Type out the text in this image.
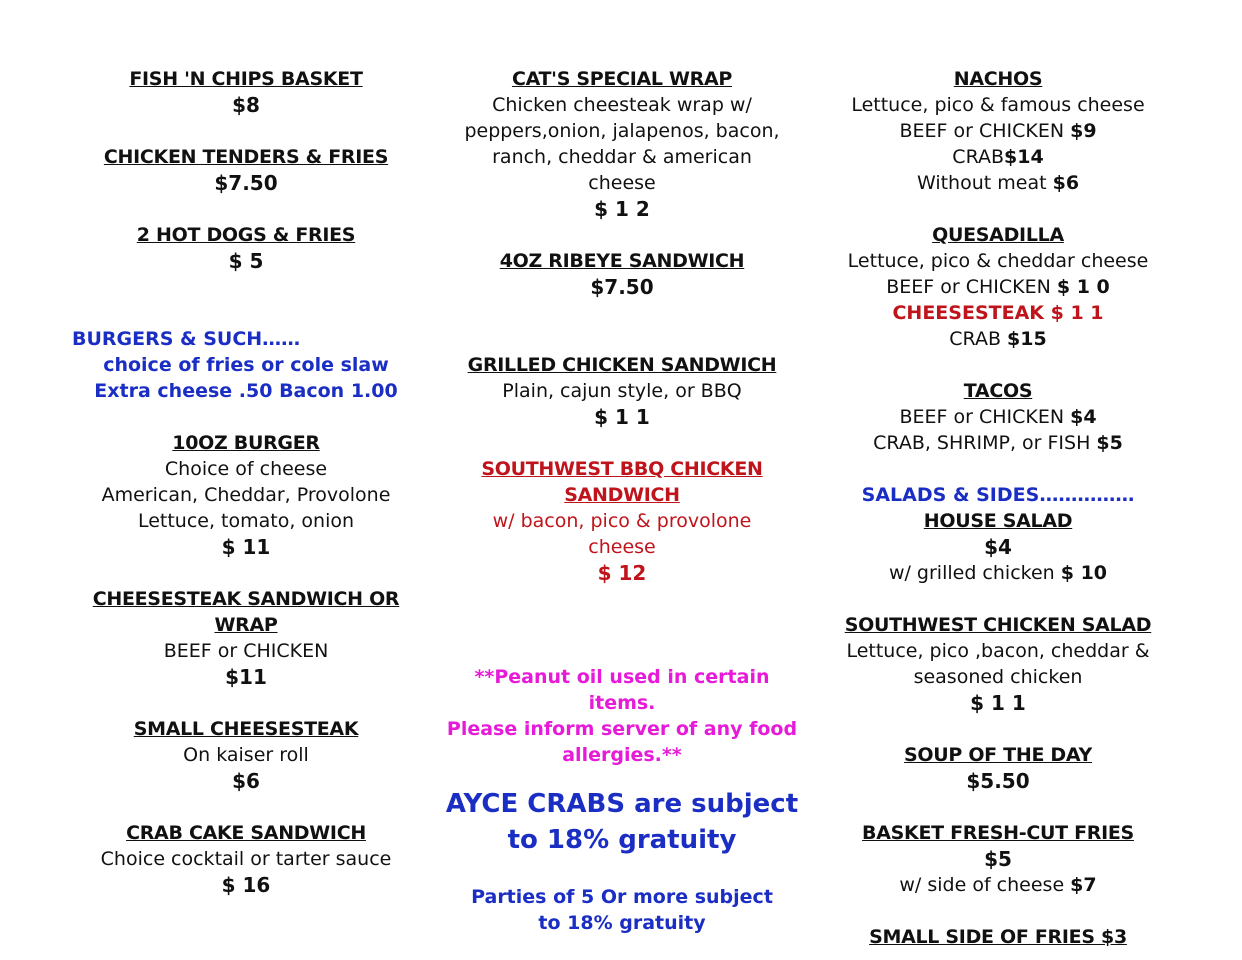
FISH 'N CHIPS BASKET
$8
CHICKEN TENDERS & FRIES
$7.50
2 HOT DOGS & FRIES
$ 5
BURGERS & SUCH……
choice of fries or cole slaw
Extra cheese .50 Bacon 1.00
10OZ BURGER
Choice of cheese
American, Cheddar, Provolone
Lettuce, tomato, onion
$ 11
CHEESESTEAK SANDWICH OR
WRAP
BEEF or CHICKEN
$11
SMALL CHEESESTEAK
On kaiser roll
$6
CRAB CAKE SANDWICH
Choice cocktail or tarter sauce
$ 16
CAT'S SPECIAL WRAP
Chicken cheesteak wrap w/
peppers,onion, jalapenos, bacon,
ranch, cheddar & american
cheese
$ 1 2
4OZ RIBEYE SANDWICH
$7.50
GRILLED CHICKEN SANDWICH
Plain, cajun style, or BBQ
$ 1 1
SOUTHWEST BBQ CHICKEN
SANDWICH
w/ bacon, pico & provolone
cheese
$ 12
**Peanut oil used in certain items.
Please inform server of any food
allergies.**
AYCE CRABS are subject
to 18% gratuity
Parties of 5 Or more subject
to 18% gratuity
NACHOS
Lettuce, pico & famous cheese
BEEF or CHICKEN $9
CRAB$14
Without meat $6
QUESADILLA
Lettuce, pico & cheddar cheese
BEEF or CHICKEN $ 1 0
CHEESESTEAK $ 1 1
CRAB $15
TACOS
BEEF or CHICKEN $4
CRAB, SHRIMP, or FISH $5
SALADS & SIDES……………
HOUSE SALAD
$4
w/ grilled chicken $ 10
SOUTHWEST CHICKEN SALAD
Lettuce, pico ,bacon, cheddar &
seasoned chicken
$ 1 1
SOUP OF THE DAY
$5.50
BASKET FRESH-CUT FRIES
$5
w/ side of cheese $7
SMALL SIDE OF FRIES $3
